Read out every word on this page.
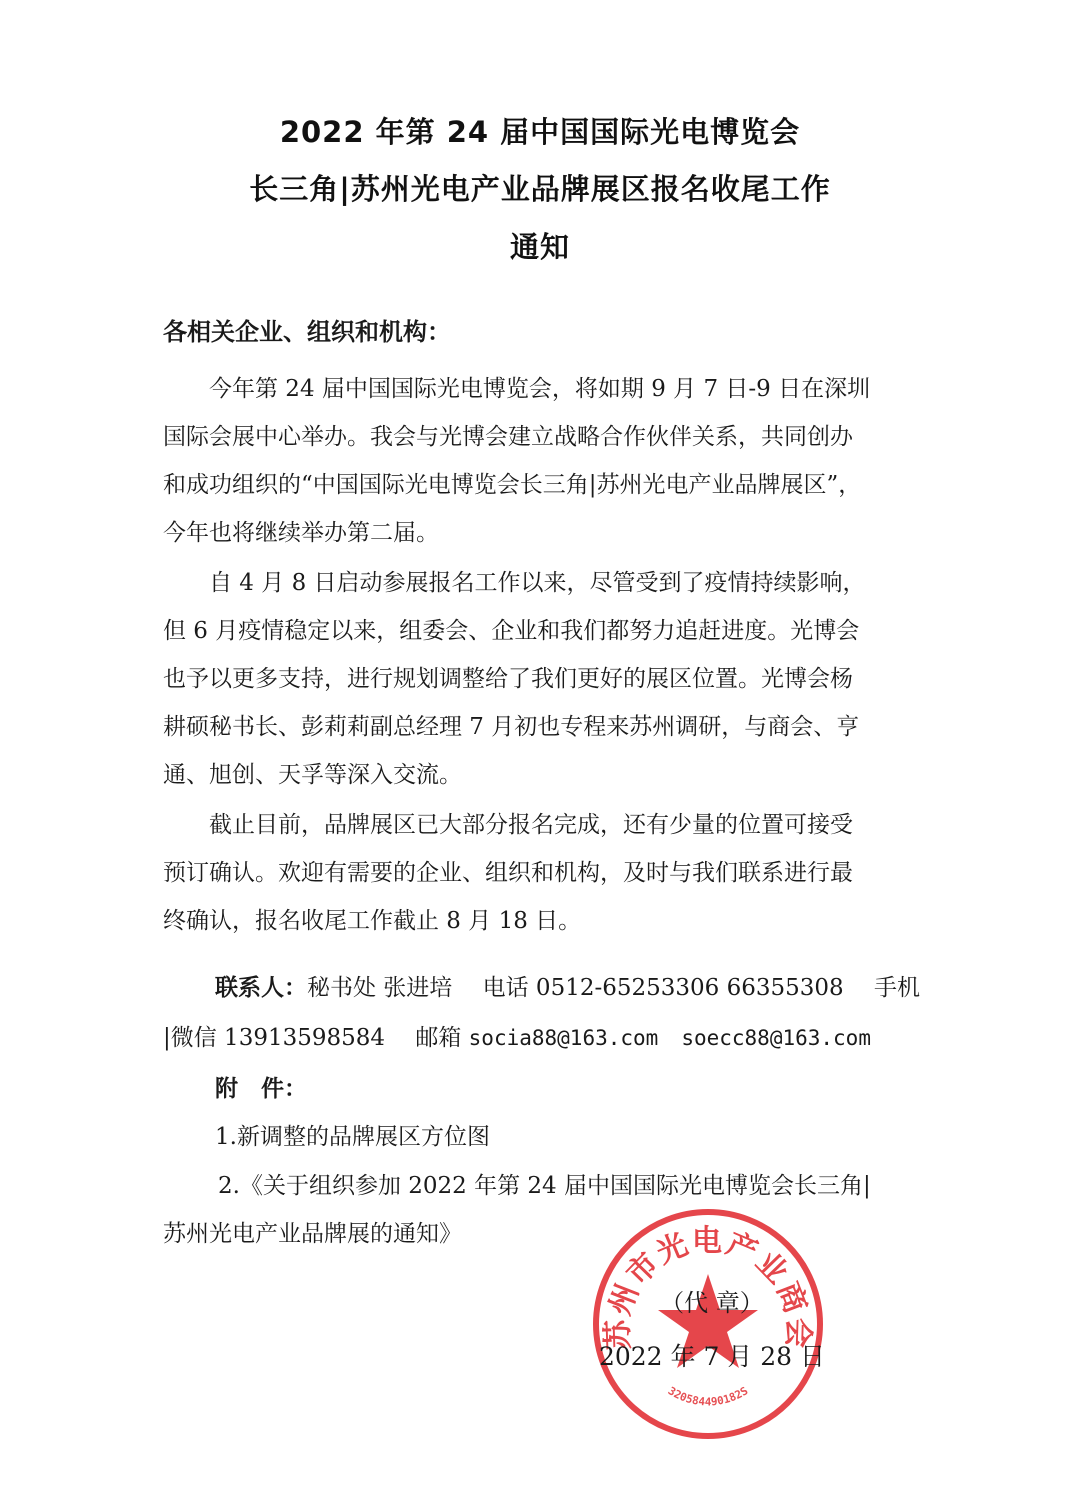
2022 年第 24 届中国国际光电博览会
长三角|苏州光电产业品牌展区报名收尾工作
通知
各相关企业、组织和机构：
　　今年第 24 届中国国际光电博览会，将如期 9 月 7 日-9 日在深圳
国际会展中心举办。我会与光博会建立战略合作伙伴关系，共同创办
和成功组织的“中国国际光电博览会长三角|苏州光电产业品牌展区”，
今年也将继续举办第二届。
　　自 4 月 8 日启动参展报名工作以来，尽管受到了疫情持续影响，
但 6 月疫情稳定以来，组委会、企业和我们都努力追赶进度。光博会
也予以更多支持，进行规划调整给了我们更好的展区位置。光博会杨
耕硕秘书长、彭莉莉副总经理 7 月初也专程来苏州调研，与商会、亨
通、旭创、天孚等深入交流。
　　截止目前，品牌展区已大部分报名完成，还有少量的位置可接受
预订确认。欢迎有需要的企业、组织和机构，及时与我们联系进行最
终确认，报名收尾工作截止 8 月 18 日。
联系人：秘书处 张进培　 电话 0512-65253306 66355308　 手机
|微信 13913598584　 邮箱 socia88@163.com　 soecc88@163.com
附　件：
1.新调整的品牌展区方位图
　2.《关于组织参加 2022 年第 24 届中国国际光电博览会长三角|
苏州光电产业品牌展的通知》
苏州市光电产业商会
320584490182S
（代 章）
2022 年 7 月 28 日
